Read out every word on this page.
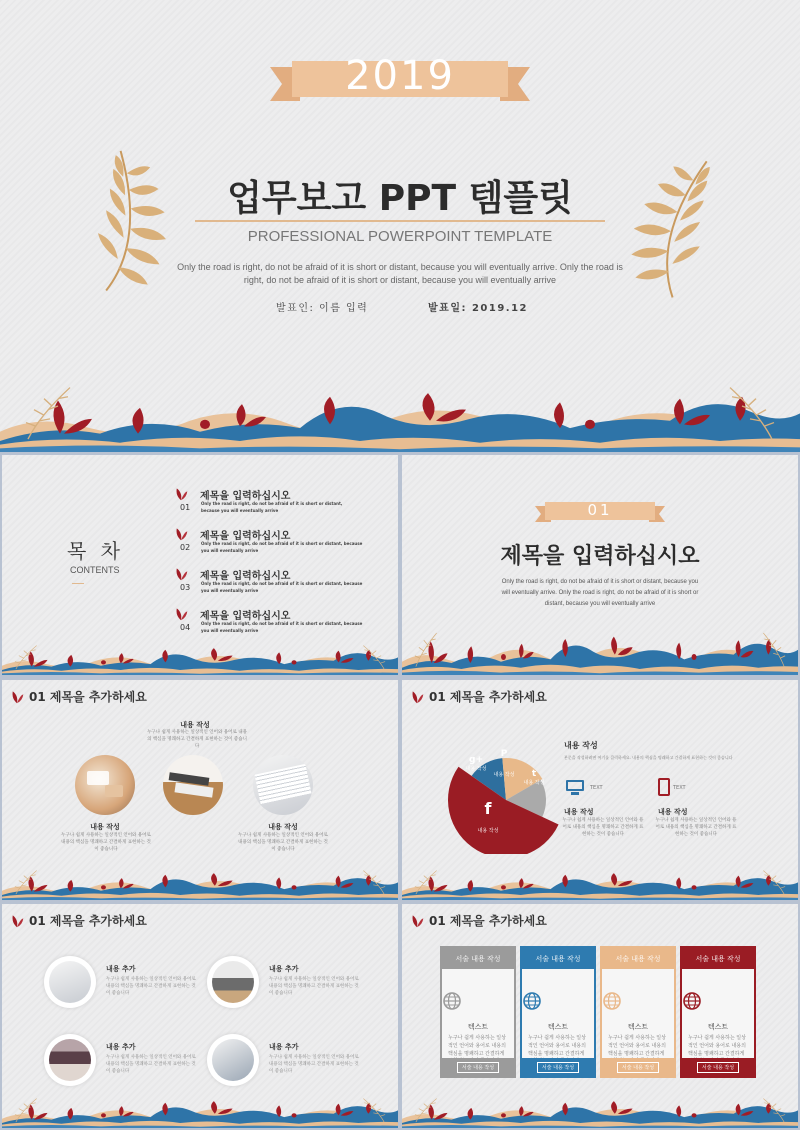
2019
업무보고 PPT 템플릿
PROFESSIONAL POWERPOINT TEMPLATE
Only the road is right, do not be afraid of it is short or distant, because you will eventually arrive. Only the road is
right, do not be afraid of it is short or distant, because you will eventually arrive
발표인: 이름 입력	발표일: 2019.12
목 차
CONTENTS
01
제목을 입력하십시오
Only the road is right, do not be afraid of it is short or distant,
because you will eventually arrive
02
제목을 입력하십시오
Only the road is right, do not be afraid of it is short or distant, because
you will eventually arrive
03
제목을 입력하십시오
Only the road is right, do not be afraid of it is short or distant, because
you will eventually arrive
04
제목을 입력하십시오
Only the road is right, do not be afraid of it is short or distant, because
you will eventually arrive
01
제목을 입력하십시오
Only the road is right, do not be afraid of it is short or distant, because you
will eventually arrive. Only the road is right, do not be afraid of it is short or
distant, because you will eventually arrive
01 제목을 추가하세요
내용 작성
누구나 쉽게 사용하는 일상적인 언어와 용어로 내용의 핵심을 명쾌하고 간결하게 표현하는 것이 좋습니다
내용 작성
누구나 쉽게 사용하는 일상적인 언어와 용어로 내용의 핵심을 명쾌하고 간결하게 표현하는 것이 좋습니다
내용 작성
누구나 쉽게 사용하는 일상적인 언어와 용어로 내용의 핵심을 명쾌하고 간결하게 표현하는 것이 좋습니다
01 제목을 추가하세요
g+
내용 작성
P
내용 작성 t
내용 작성
f
내용 작성
내용 작성
본문을 작성하려면 여기를 클릭하세요. 내용의 핵심을 명쾌하고 간결하게 표현하는 것이 좋습니다
TEXT	TEXT
내용 작성
누구나 쉽게 사용하는 일상적인 언어와 용어로 내용의 핵심을 명쾌하고 간결하게 표현하는 것이 좋습니다
내용 작성
누구나 쉽게 사용하는 일상적인 언어와 용어로 내용의 핵심을 명쾌하고 간결하게 표현하는 것이 좋습니다
01 제목을 추가하세요
내용 추가
누구나 쉽게 사용하는 일상적인 언어와 용어로 내용의 핵심을 명쾌하고 간결하게 표현하는 것이 좋습니다
내용 추가
누구나 쉽게 사용하는 일상적인 언어와 용어로 내용의 핵심을 명쾌하고 간결하게 표현하는 것이 좋습니다
내용 추가
누구나 쉽게 사용하는 일상적인 언어와 용어로 내용의 핵심을 명쾌하고 간결하게 표현하는 것이 좋습니다
내용 추가
누구나 쉽게 사용하는 일상적인 언어와 용어로 내용의 핵심을 명쾌하고 간결하게 표현하는 것이 좋습니다
01 제목을 추가하세요
서술 내용 작성
텍스트
누구나 쉽게 사용하는 일상적인 언어와 용어로 내용의 핵심을 명쾌하고 간결하게
서술 내용 작성
서술 내용 작성
텍스트
누구나 쉽게 사용하는 일상적인 언어와 용어로 내용의 핵심을 명쾌하고 간결하게
서술 내용 작성
서술 내용 작성
텍스트
누구나 쉽게 사용하는 일상적인 언어와 용어로 내용의 핵심을 명쾌하고 간결하게
서술 내용 작성
서술 내용 작성
텍스트
누구나 쉽게 사용하는 일상적인 언어와 용어로 내용의 핵심을 명쾌하고 간결하게
서술 내용 작성
